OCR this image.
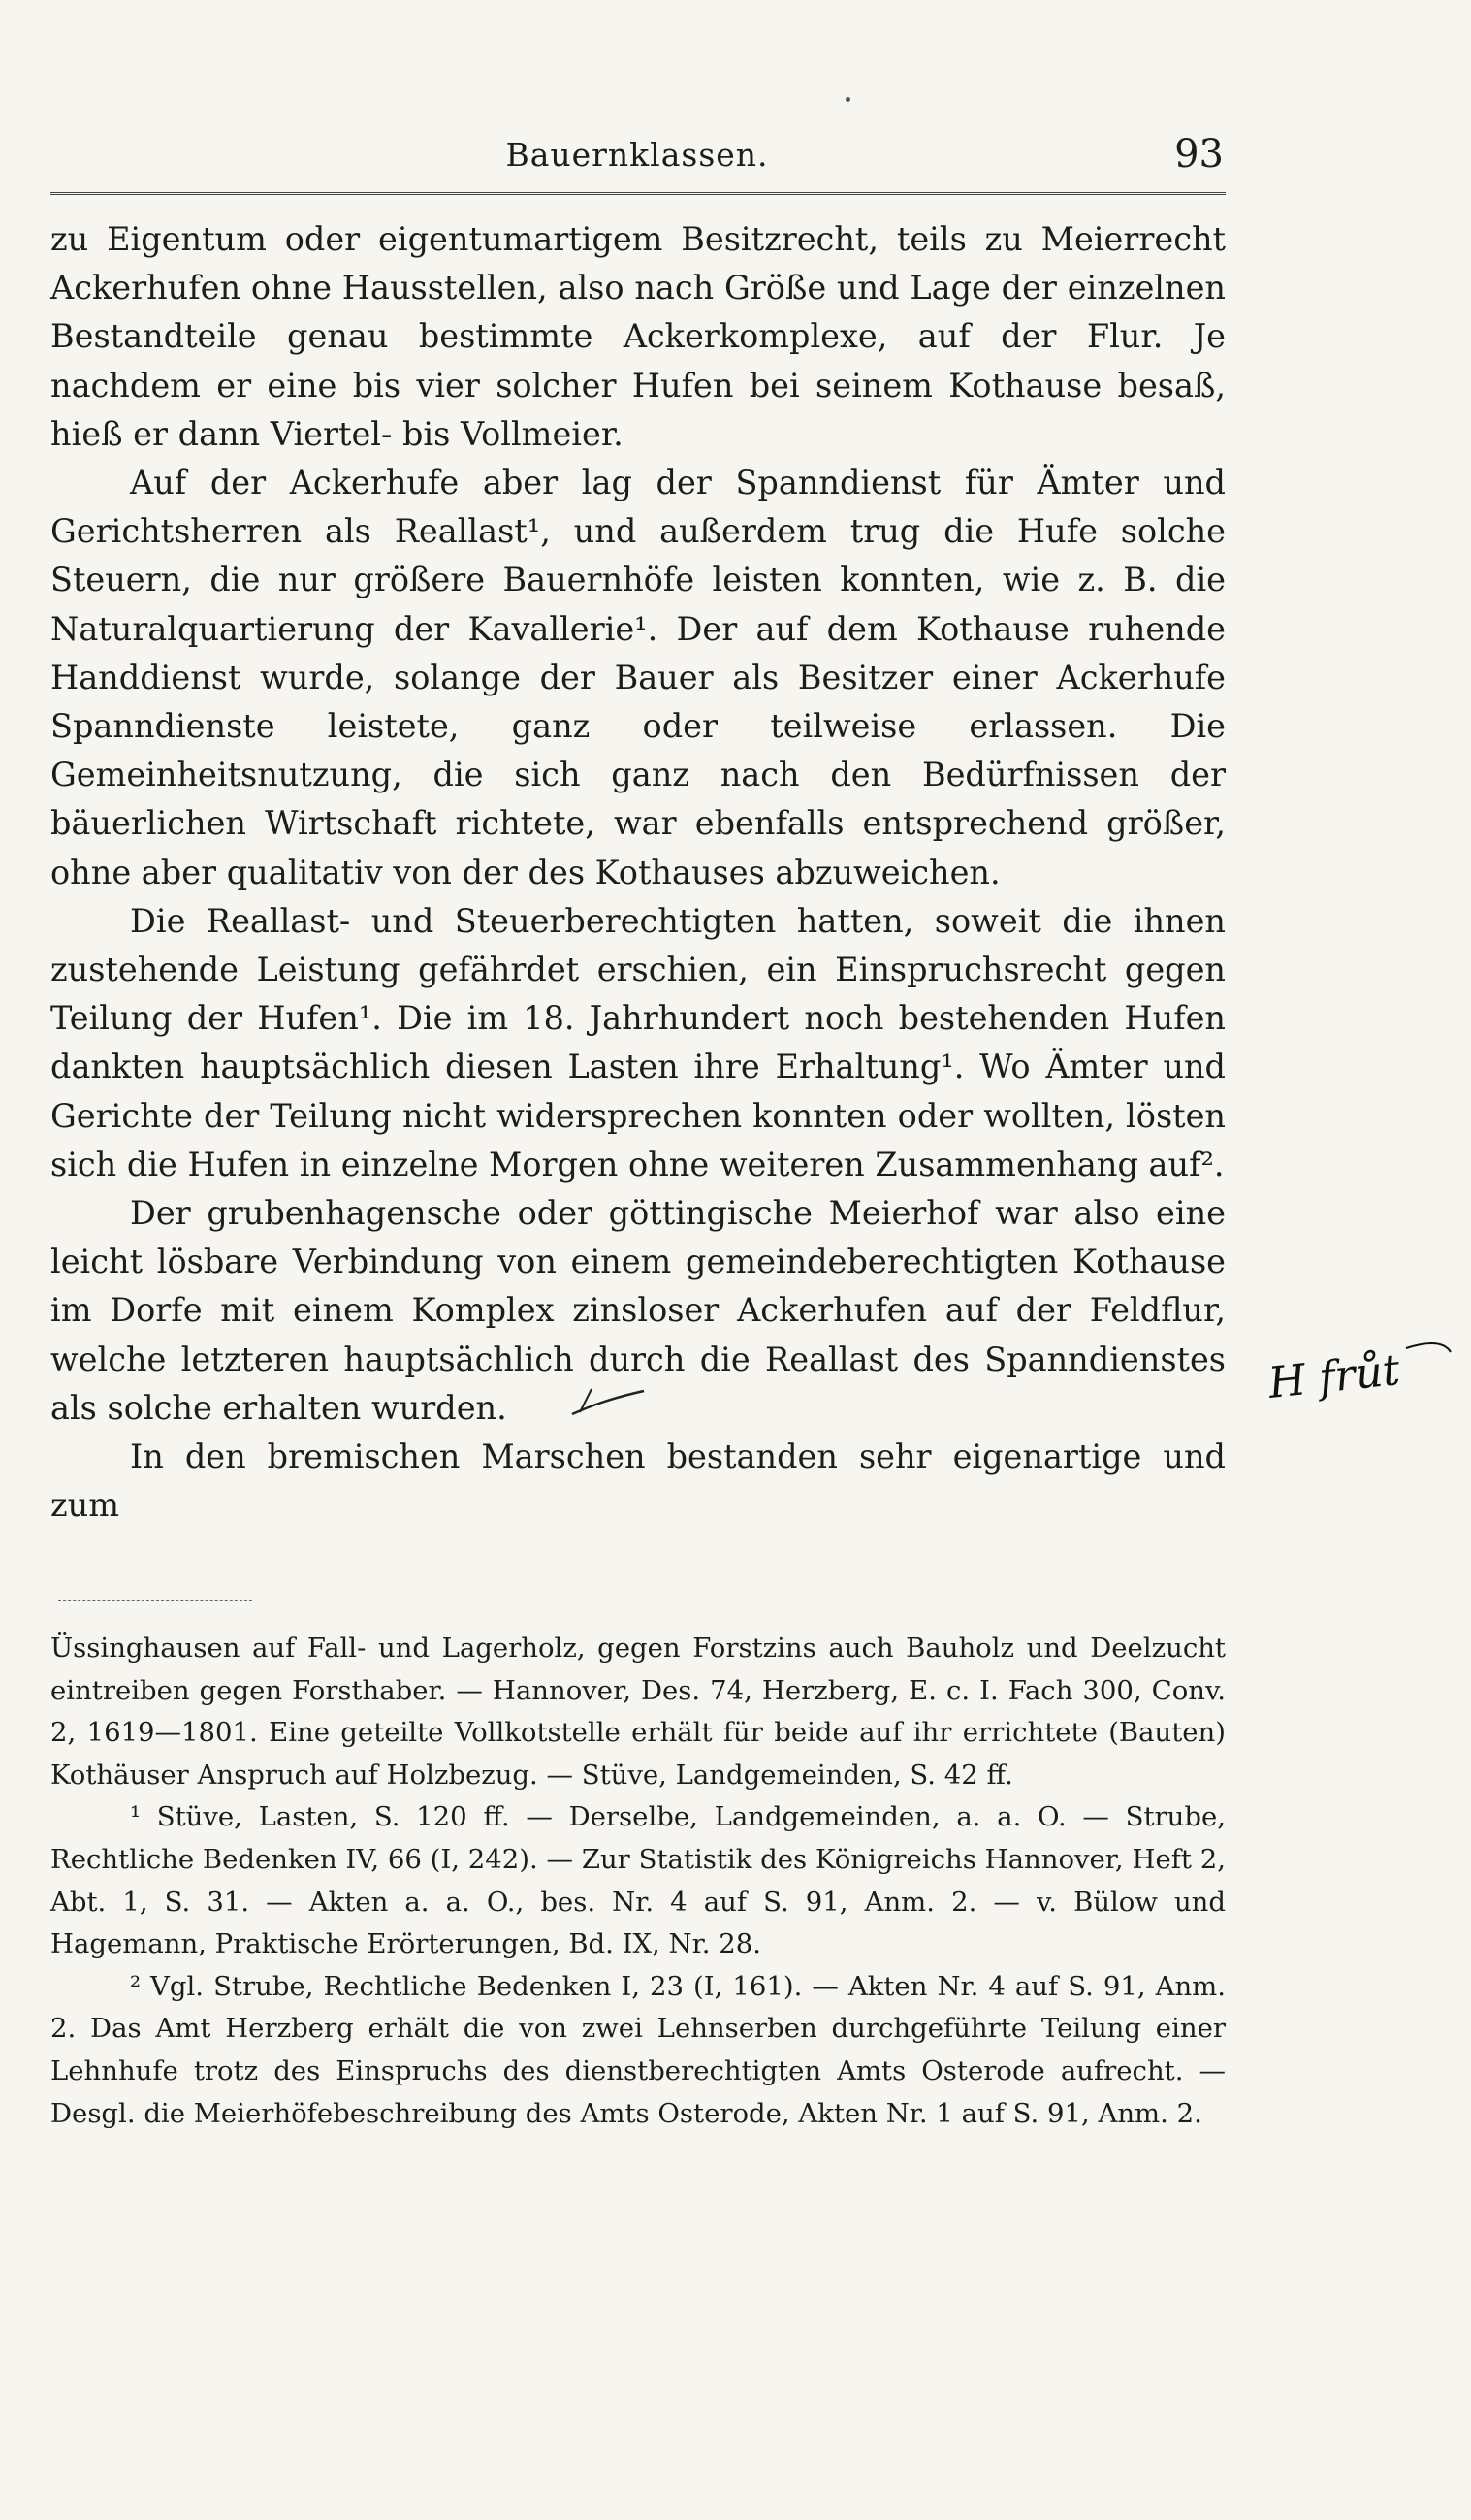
Bauernklassen.	93

zu Eigentum oder eigentumartigem Besitzrecht, teils zu Meierrecht Ackerhufen ohne Hausstellen, also nach Größe und Lage der einzelnen Bestandteile genau bestimmte Ackerkomplexe, auf der Flur. Je nachdem er eine bis vier solcher Hufen bei seinem Kothause besaß, hieß er dann Viertel- bis Vollmeier.

Auf der Ackerhufe aber lag der Spanndienst für Ämter und Gerichtsherren als Reallast¹, und außerdem trug die Hufe solche Steuern, die nur größere Bauernhöfe leisten konnten, wie z. B. die Naturalquartierung der Kavallerie¹. Der auf dem Kothause ruhende Handdienst wurde, solange der Bauer als Besitzer einer Ackerhufe Spanndienste leistete, ganz oder teilweise erlassen. Die Gemeinheitsnutzung, die sich ganz nach den Bedürfnissen der bäuerlichen Wirtschaft richtete, war ebenfalls entsprechend größer, ohne aber qualitativ von der des Kothauses abzuweichen.

Die Reallast- und Steuerberechtigten hatten, soweit die ihnen zustehende Leistung gefährdet erschien, ein Einspruchsrecht gegen Teilung der Hufen¹. Die im 18. Jahrhundert noch bestehenden Hufen dankten hauptsächlich diesen Lasten ihre Erhaltung¹. Wo Ämter und Gerichte der Teilung nicht widersprechen konnten oder wollten, lösten sich die Hufen in einzelne Morgen ohne weiteren Zusammenhang auf².

Der grubenhagensche oder göttingische Meierhof war also eine leicht lösbare Verbindung von einem gemeindeberechtigten Kothause im Dorfe mit einem Komplex zinsloser Ackerhufen auf der Feldflur, welche letzteren hauptsächlich durch die Reallast des Spanndienstes als solche erhalten wurden.

In den bremischen Marschen bestanden sehr eigenartige und zum

Üssinghausen auf Fall- und Lagerholz, gegen Forstzins auch Bauholz und Deelzucht eintreiben gegen Forsthaber. — Hannover, Des. 74, Herzberg, E. c. I. Fach 300, Conv. 2, 1619—1801. Eine geteilte Vollkotstelle erhält für beide auf ihr errichtete (Bauten) Kothäuser Anspruch auf Holzbezug. — Stüve, Landgemeinden, S. 42 ff.

¹ Stüve, Lasten, S. 120 ff. — Derselbe, Landgemeinden, a. a. O. — Strube, Rechtliche Bedenken IV, 66 (I, 242). — Zur Statistik des Königreichs Hannover, Heft 2, Abt. 1, S. 31. — Akten a. a. O., bes. Nr. 4 auf S. 91, Anm. 2. — v. Bülow und Hagemann, Praktische Erörterungen, Bd. IX, Nr. 28.

² Vgl. Strube, Rechtliche Bedenken I, 23 (I, 161). — Akten Nr. 4 auf S. 91, Anm. 2. Das Amt Herzberg erhält die von zwei Lehnserben durchgeführte Teilung einer Lehnhufe trotz des Einspruchs des dienstberechtigten Amts Osterode aufrecht. — Desgl. die Meierhöfebeschreibung des Amts Osterode, Akten Nr. 1 auf S. 91, Anm. 2.

H frůt
